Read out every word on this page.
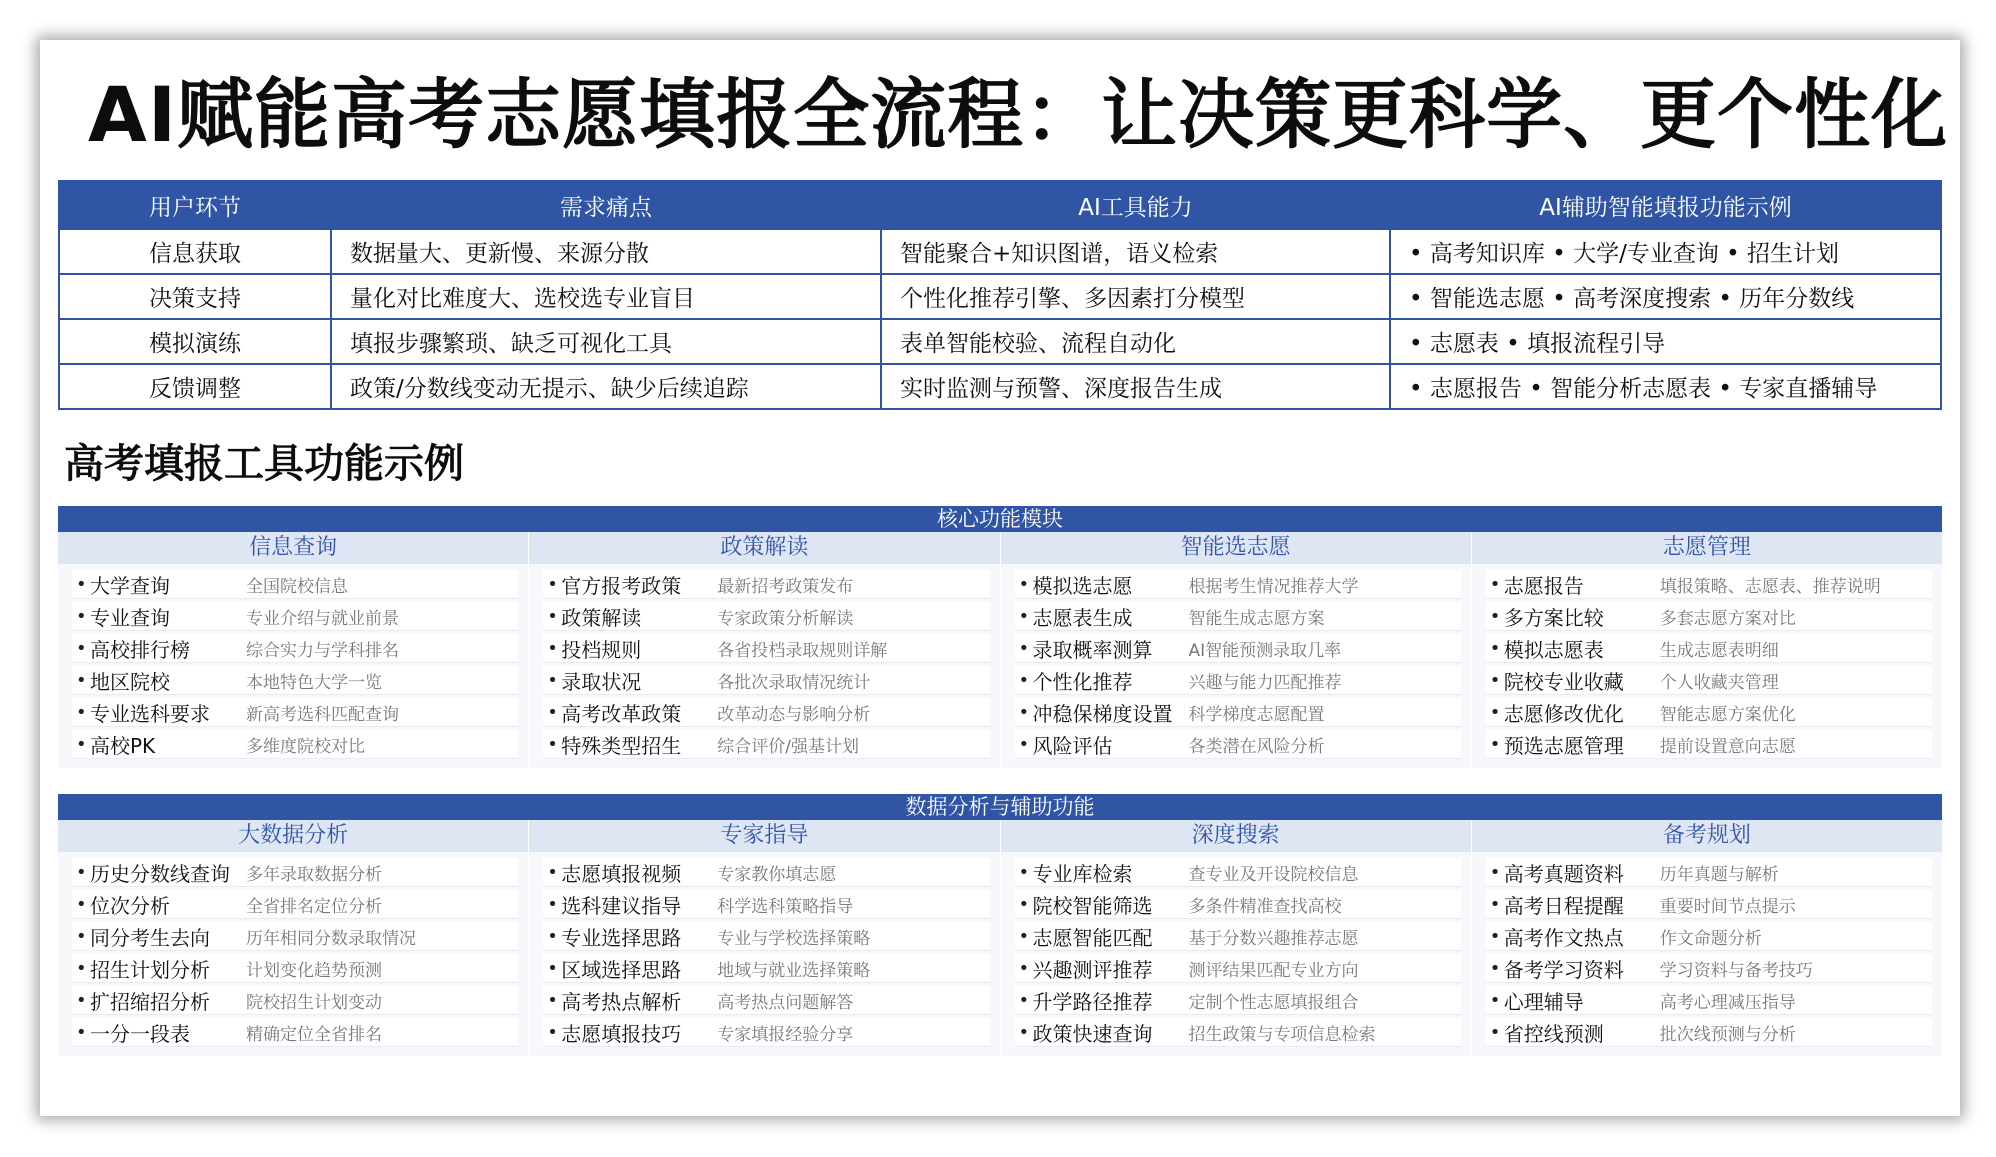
AI赋能高考志愿填报全流程：让决策更科学、更个性化
用户环节	需求痛点	AI工具能力	AI辅助智能填报功能示例
信息获取	数据量大、更新慢、来源分散	智能聚合+知识图谱，语义检索	• 高考知识库 • 大学/专业查询 • 招生计划
决策支持	量化对比难度大、选校选专业盲目	个性化推荐引擎、多因素打分模型	• 智能选志愿 • 高考深度搜索 • 历年分数线
模拟演练	填报步骤繁琐、缺乏可视化工具	表单智能校验、流程自动化	• 志愿表 • 填报流程引导
反馈调整	政策/分数线变动无提示、缺少后续追踪	实时监测与预警、深度报告生成	• 志愿报告 • 智能分析志愿表 • 专家直播辅导
高考填报工具功能示例
核心功能模块
信息查询
• 大学查询	全国院校信息
• 专业查询	专业介绍与就业前景
• 高校排行榜	综合实力与学科排名
• 地区院校	本地特色大学一览
• 专业选科要求	新高考选科匹配查询
• 高校PK	多维度院校对比
政策解读
• 官方报考政策	最新招考政策发布
• 政策解读	专家政策分析解读
• 投档规则	各省投档录取规则详解
• 录取状况	各批次录取情况统计
• 高考改革政策	改革动态与影响分析
• 特殊类型招生	综合评价/强基计划
智能选志愿
• 模拟选志愿	根据考生情况推荐大学
• 志愿表生成	智能生成志愿方案
• 录取概率测算	AI智能预测录取几率
• 个性化推荐	兴趣与能力匹配推荐
• 冲稳保梯度设置 科学梯度志愿配置
• 风险评估	各类潜在风险分析
志愿管理
• 志愿报告	填报策略、志愿表、推荐说明
• 多方案比较	多套志愿方案对比
• 模拟志愿表	生成志愿表明细
• 院校专业收藏	个人收藏夹管理
• 志愿修改优化	智能志愿方案优化
• 预选志愿管理	提前设置意向志愿
数据分析与辅助功能
大数据分析
• 历史分数线查询 多年录取数据分析
• 位次分析	全省排名定位分析
• 同分考生去向	历年相同分数录取情况
• 招生计划分析	计划变化趋势预测
• 扩招缩招分析	院校招生计划变动
• 一分一段表	精确定位全省排名
专家指导
• 志愿填报视频	专家教你填志愿
• 选科建议指导	科学选科策略指导
• 专业选择思路	专业与学校选择策略
• 区域选择思路	地域与就业选择策略
• 高考热点解析	高考热点问题解答
• 志愿填报技巧	专家填报经验分享
深度搜索
• 专业库检索	查专业及开设院校信息
• 院校智能筛选	多条件精准查找高校
• 志愿智能匹配	基于分数兴趣推荐志愿
• 兴趣测评推荐	测评结果匹配专业方向
• 升学路径推荐	定制个性志愿填报组合
• 政策快速查询	招生政策与专项信息检索
备考规划
• 高考真题资料	历年真题与解析
• 高考日程提醒	重要时间节点提示
• 高考作文热点	作文命题分析
• 备考学习资料	学习资料与备考技巧
• 心理辅导	高考心理减压指导
• 省控线预测	批次线预测与分析
